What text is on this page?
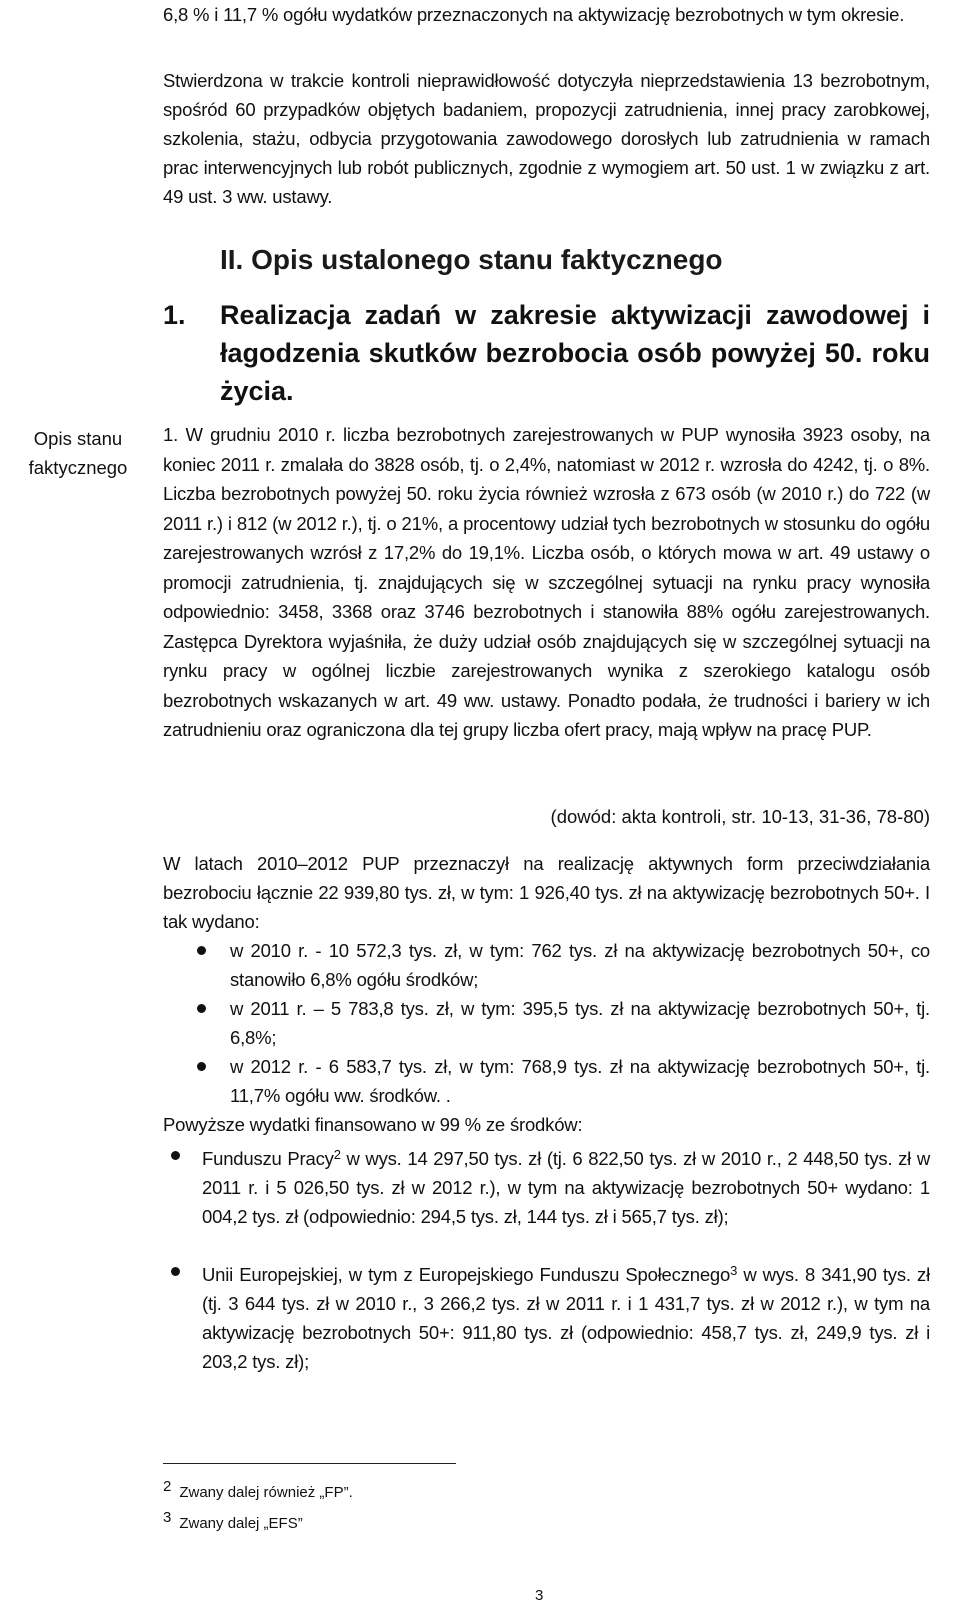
6,8 % i 11,7 % ogółu wydatków przeznaczonych na aktywizację bezrobotnych w tym okresie.

Stwierdzona w trakcie kontroli nieprawidłowość dotyczyła nieprzedstawienia 13 bezrobotnym, spośród 60 przypadków objętych badaniem, propozycji zatrudnienia, innej pracy zarobkowej, szkolenia, stażu, odbycia przygotowania zawodowego dorosłych lub zatrudnienia w ramach prac interwencyjnych lub robót publicznych, zgodnie z wymogiem art. 50 ust. 1 w związku z art. 49 ust. 3 ww. ustawy.

II. Opis ustalonego stanu faktycznego
1. Realizacja zadań w zakresie aktywizacji zawodowej i łagodzenia skutków bezrobocia osób powyżej 50. roku życia.
Opis stanu faktycznego

1. W grudniu 2010 r. liczba bezrobotnych zarejestrowanych w PUP wynosiła 3923 osoby, na koniec 2011 r. zmalała do 3828 osób, tj. o 2,4%, natomiast w 2012 r. wzrosła do 4242, tj. o 8%. Liczba bezrobotnych powyżej 50. roku życia również wzrosła z 673 osób (w 2010 r.) do 722 (w 2011 r.) i 812 (w 2012 r.), tj. o 21%, a procentowy udział tych bezrobotnych w stosunku do ogółu zarejestrowanych wzrósł z 17,2% do 19,1%. Liczba osób, o których mowa w art. 49 ustawy o promocji zatrudnienia, tj. znajdujących się w szczególnej sytuacji na rynku pracy wynosiła odpowiednio: 3458, 3368 oraz 3746 bezrobotnych i stanowiła 88% ogółu zarejestrowanych. Zastępca Dyrektora wyjaśniła, że duży udział osób znajdujących się w szczególnej sytuacji na rynku pracy w ogólnej liczbie zarejestrowanych wynika z szerokiego katalogu osób bezrobotnych wskazanych w art. 49 ww. ustawy. Ponadto podała, że trudności i bariery w ich zatrudnieniu oraz ograniczona dla tej grupy liczba ofert pracy, mają wpływ na pracę PUP.

(dowód: akta kontroli, str. 10-13, 31-36, 78-80)

W latach 2010–2012 PUP przeznaczył na realizację aktywnych form przeciwdziałania bezrobociu łącznie 22 939,80 tys. zł, w tym: 1 926,40 tys. zł na aktywizację bezrobotnych 50+. I tak wydano:

w 2010 r. - 10 572,3 tys. zł, w tym: 762 tys. zł na aktywizację bezrobotnych 50+, co stanowiło 6,8% ogółu środków;

w 2011 r. – 5 783,8 tys. zł, w tym: 395,5 tys. zł na aktywizację bezrobotnych 50+, tj. 6,8%;

w 2012 r. - 6 583,7 tys. zł, w tym: 768,9 tys. zł na aktywizację bezrobotnych 50+, tj. 11,7% ogółu ww. środków. .

Powyższe wydatki finansowano w 99 % ze środków:

Funduszu Pracy$^2$ w wys. 14 297,50 tys. zł (tj. 6 822,50 tys. zł w 2010 r., 2 448,50 tys. zł w 2011 r. i 5 026,50 tys. zł w 2012 r.), w tym na aktywizację bezrobotnych 50+ wydano: 1 004,2 tys. zł (odpowiednio: 294,5 tys. zł, 144 tys. zł i 565,7 tys. zł);

Unii Europejskiej, w tym z Europejskiego Funduszu Społecznego$^3$ w wys. 8 341,90 tys. zł (tj. 3 644 tys. zł w 2010 r., 3 266,2 tys. zł w 2011 r. i 1 431,7 tys. zł w 2012 r.), w tym na aktywizację bezrobotnych 50+: 911,80 tys. zł (odpowiednio: 458,7 tys. zł, 249,9 tys. zł i 203,2 tys. zł);

$^2$ Zwany dalej również „FP”.
$^3$ Zwany dalej „EFS”
3
